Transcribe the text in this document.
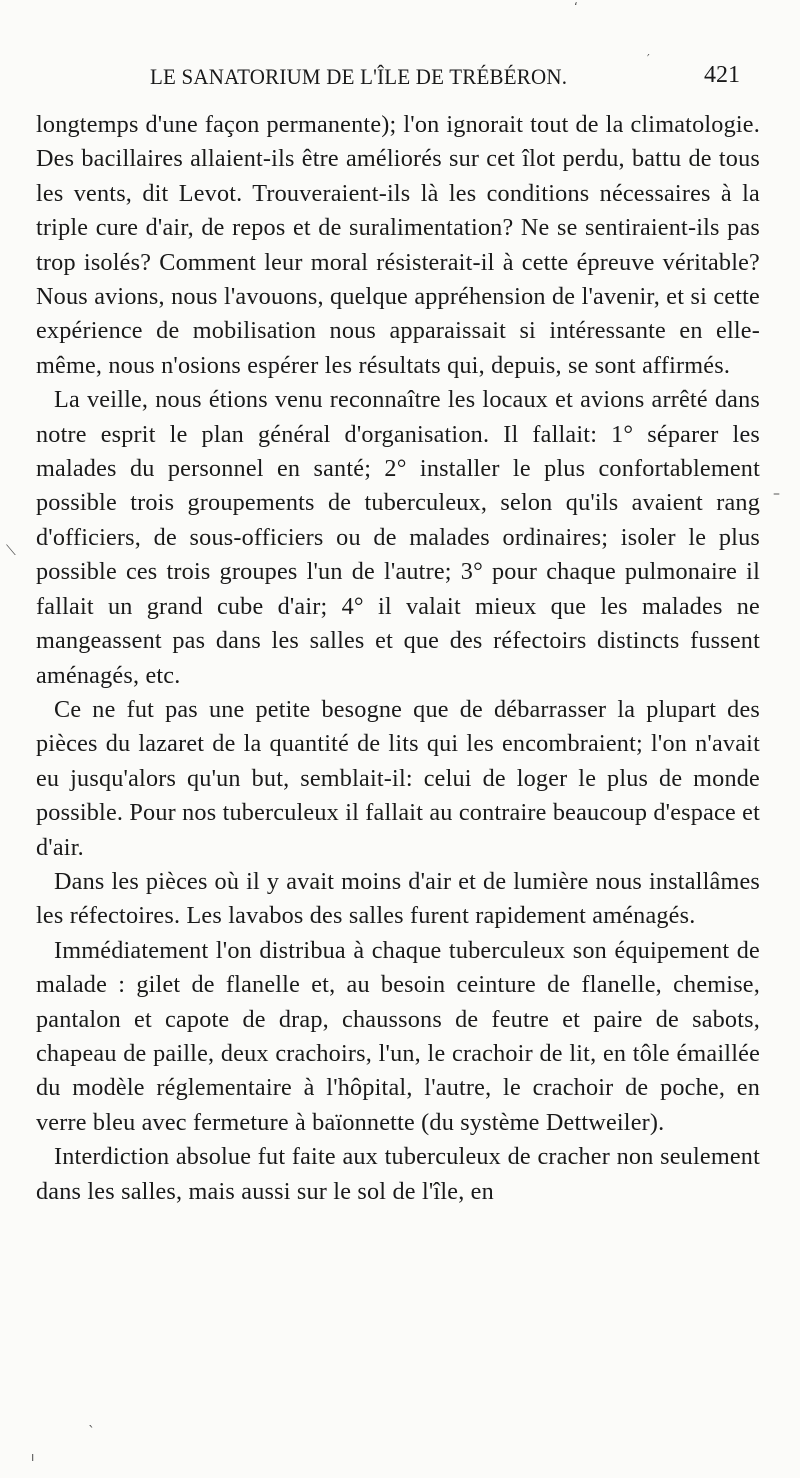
‘
′
–
⟍
ˎ
ı
LE SANATORIUM DE L'ÎLE DE TRÉBÉRON.	421

longtemps d'une façon permanente); l'on ignorait tout de la climatologie. Des bacillaires allaient-ils être améliorés sur cet îlot perdu, battu de tous les vents, dit Levot. Trouveraient-ils là les conditions nécessaires à la triple cure d'air, de repos et de suralimentation? Ne se sentiraient-ils pas trop isolés? Comment leur moral résisterait-il à cette épreuve véritable? Nous avions, nous l'avouons, quelque appréhension de l'avenir, et si cette expérience de mobilisation nous apparaissait si intéressante en elle-même, nous n'osions espérer les résultats qui, depuis, se sont affirmés.

La veille, nous étions venu reconnaître les locaux et avions arrêté dans notre esprit le plan général d'organisation. Il fallait: 1° séparer les malades du personnel en santé; 2° installer le plus confortablement possible trois groupements de tuberculeux, selon qu'ils avaient rang d'officiers, de sous-officiers ou de malades ordinaires; isoler le plus possible ces trois groupes l'un de l'autre; 3° pour chaque pulmonaire il fallait un grand cube d'air; 4° il valait mieux que les malades ne mangeassent pas dans les salles et que des réfectoirs distincts fussent aménagés, etc.

Ce ne fut pas une petite besogne que de débarrasser la plupart des pièces du lazaret de la quantité de lits qui les encombraient; l'on n'avait eu jusqu'alors qu'un but, semblait-il: celui de loger le plus de monde possible. Pour nos tuberculeux il fallait au contraire beaucoup d'espace et d'air.

Dans les pièces où il y avait moins d'air et de lumière nous installâmes les réfectoires. Les lavabos des salles furent rapidement aménagés.

Immédiatement l'on distribua à chaque tuberculeux son équipement de malade : gilet de flanelle et, au besoin ceinture de flanelle, chemise, pantalon et capote de drap, chaussons de feutre et paire de sabots, chapeau de paille, deux crachoirs, l'un, le crachoir de lit, en tôle émaillée du modèle réglementaire à l'hôpital, l'autre, le crachoir de poche, en verre bleu avec fermeture à baïonnette (du système Dettweiler).

Interdiction absolue fut faite aux tuberculeux de cracher non seulement dans les salles, mais aussi sur le sol de l'île, en
